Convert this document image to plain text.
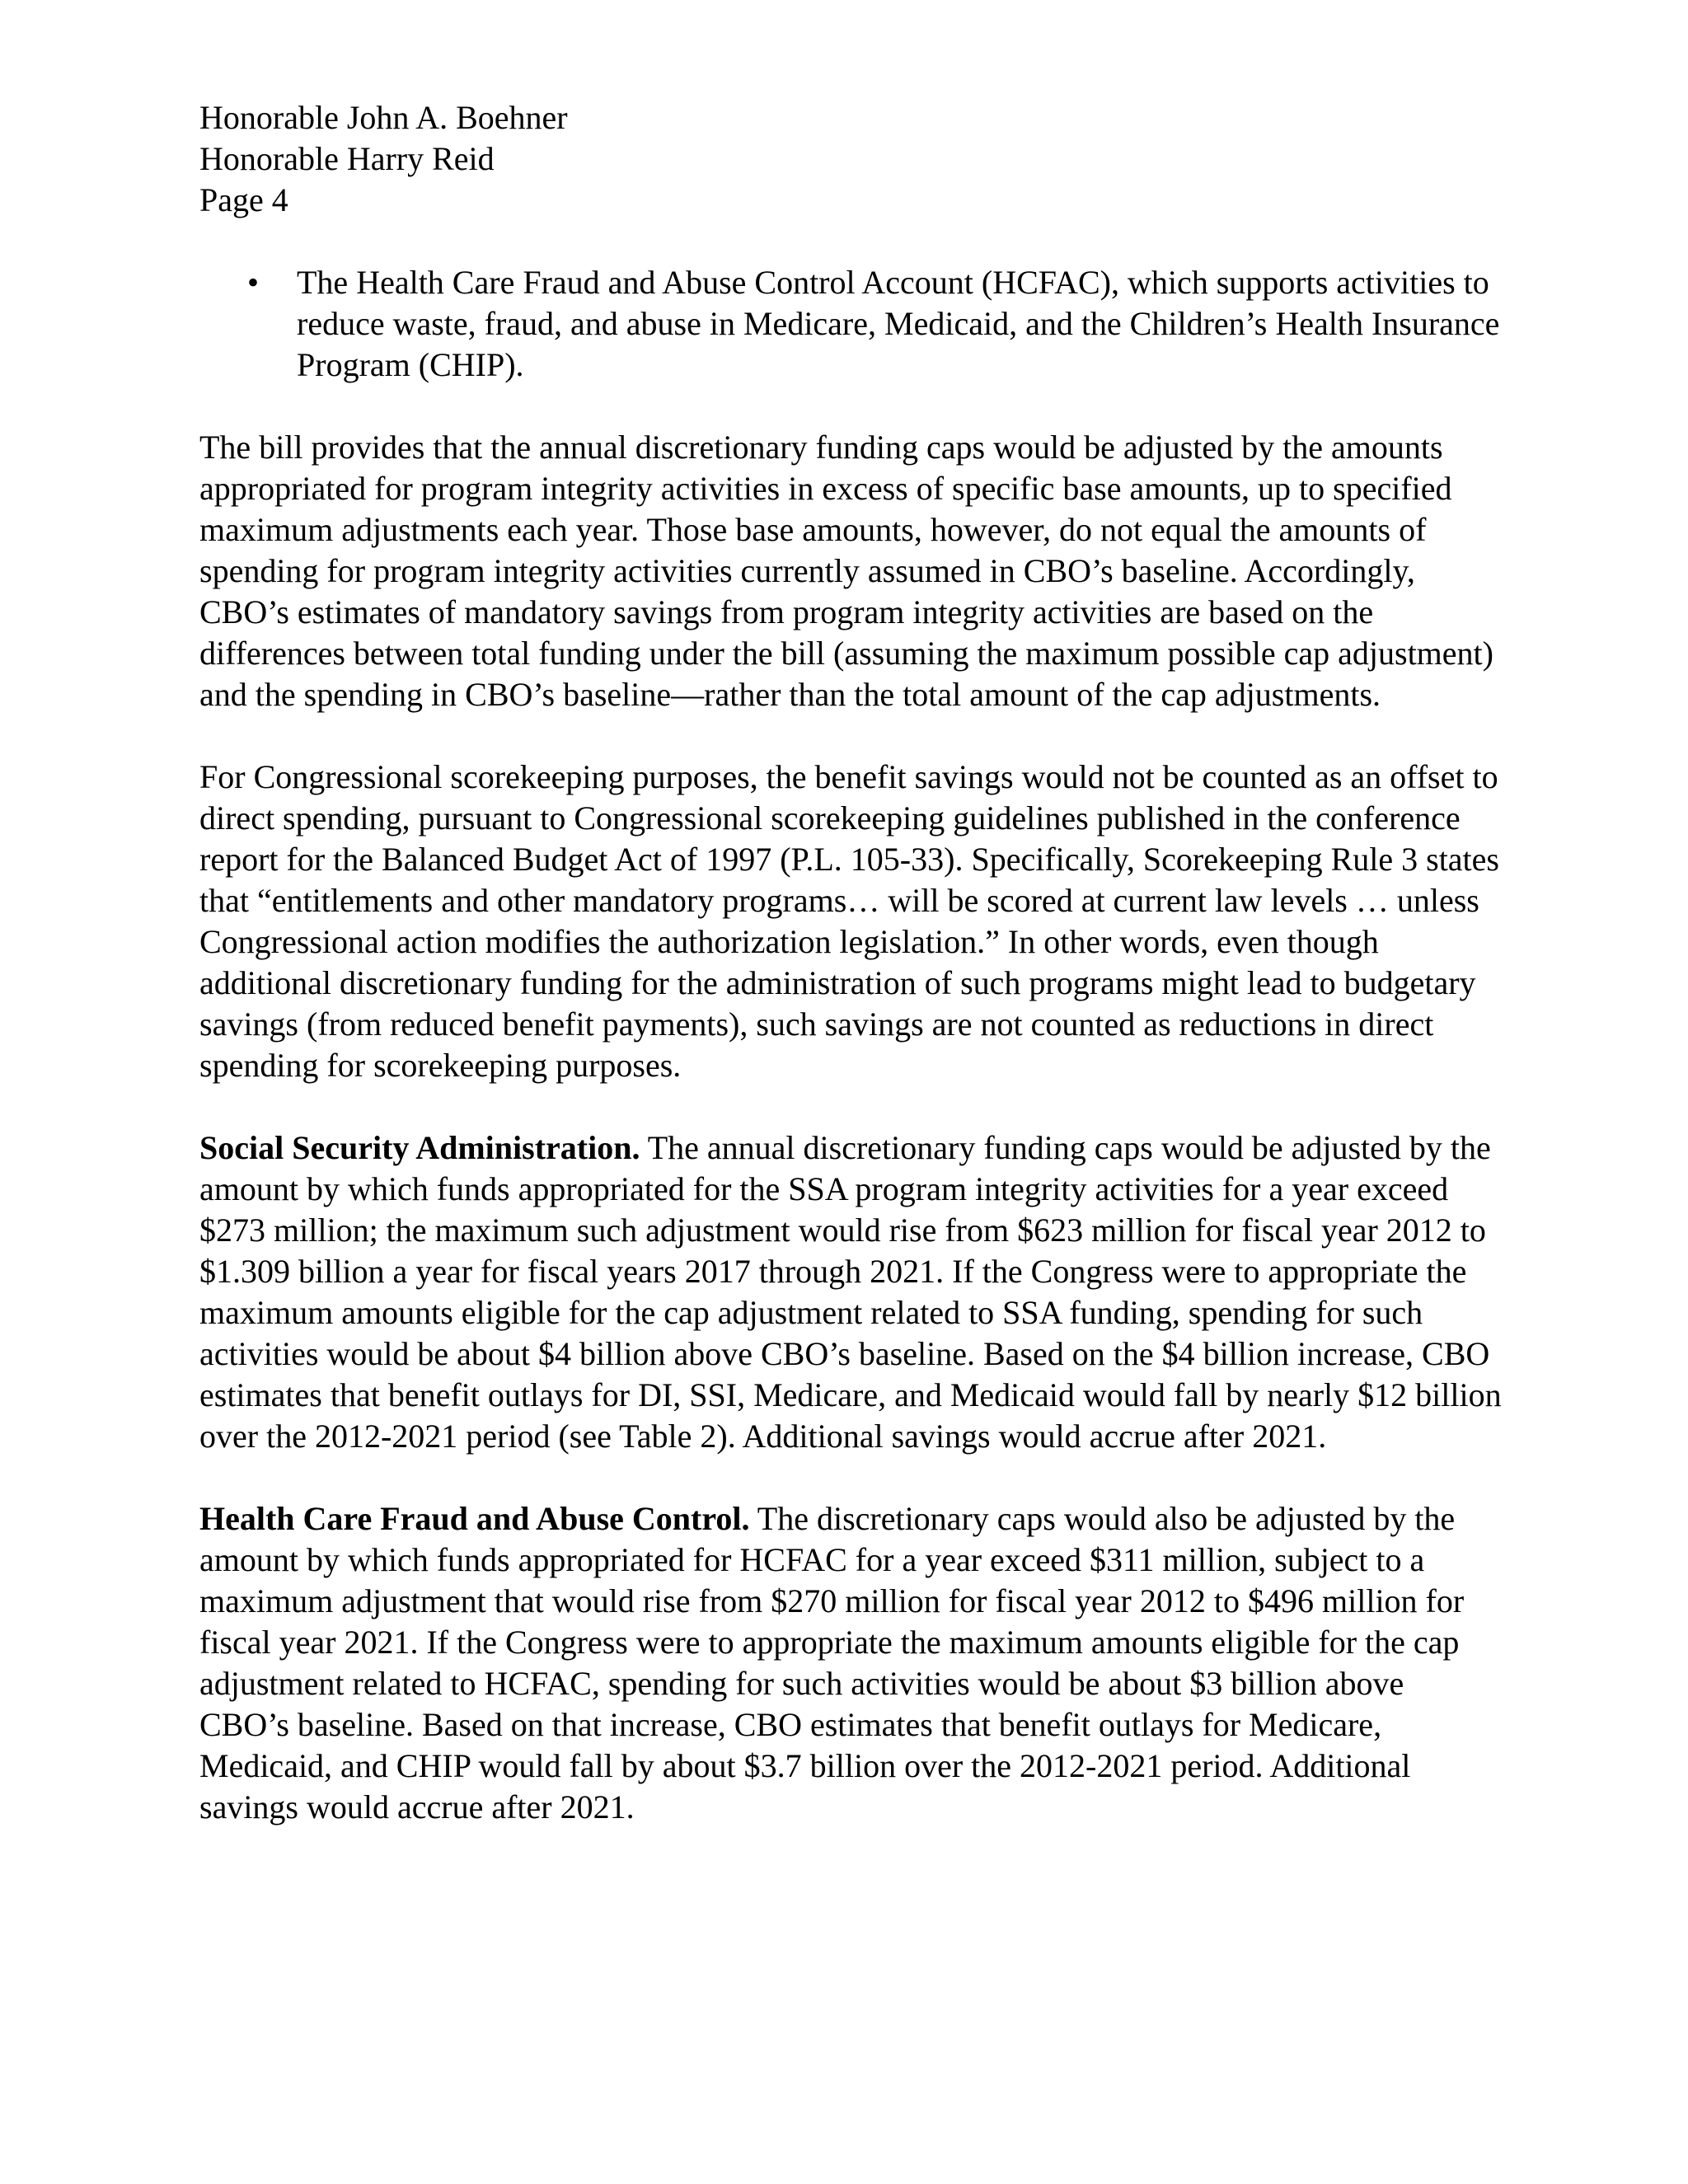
Honorable John A. Boehner
Honorable Harry Reid
Page 4
• The Health Care Fraud and Abuse Control Account (HCFAC), which supports activities to reduce waste, fraud, and abuse in Medicare, Medicaid, and the Children’s Health Insurance Program (CHIP).

The bill provides that the annual discretionary funding caps would be adjusted by the amounts appropriated for program integrity activities in excess of specific base amounts, up to specified maximum adjustments each year. Those base amounts, however, do not equal the amounts of spending for program integrity activities currently assumed in CBO’s baseline. Accordingly, CBO’s estimates of mandatory savings from program integrity activities are based on the differences between total funding under the bill (assuming the maximum possible cap adjustment) and the spending in CBO’s baseline—rather than the total amount of the cap adjustments.

For Congressional scorekeeping purposes, the benefit savings would not be counted as an offset to direct spending, pursuant to Congressional scorekeeping guidelines published in the conference report for the Balanced Budget Act of 1997 (P.L. 105-33). Specifically, Scorekeeping Rule 3 states that “entitlements and other mandatory programs… will be scored at current law levels … unless Congressional action modifies the authorization legislation.” In other words, even though additional discretionary funding for the administration of such programs might lead to budgetary savings (from reduced benefit payments), such savings are not counted as reductions in direct spending for scorekeeping purposes.

Social Security Administration. The annual discretionary funding caps would be adjusted by the amount by which funds appropriated for the SSA program integrity activities for a year exceed $273 million; the maximum such adjustment would rise from $623 million for fiscal year 2012 to $1.309 billion a year for fiscal years 2017 through 2021. If the Congress were to appropriate the maximum amounts eligible for the cap adjustment related to SSA funding, spending for such activities would be about $4 billion above CBO’s baseline. Based on the $4 billion increase, CBO estimates that benefit outlays for DI, SSI, Medicare, and Medicaid would fall by nearly $12 billion over the 2012-2021 period (see Table 2). Additional savings would accrue after 2021.

Health Care Fraud and Abuse Control. The discretionary caps would also be adjusted by the amount by which funds appropriated for HCFAC for a year exceed $311 million, subject to a maximum adjustment that would rise from $270 million for fiscal year 2012 to $496 million for fiscal year 2021. If the Congress were to appropriate the maximum amounts eligible for the cap adjustment related to HCFAC, spending for such activities would be about $3 billion above CBO’s baseline. Based on that increase, CBO estimates that benefit outlays for Medicare, Medicaid, and CHIP would fall by about $3.7 billion over the 2012-2021 period. Additional savings would accrue after 2021.
